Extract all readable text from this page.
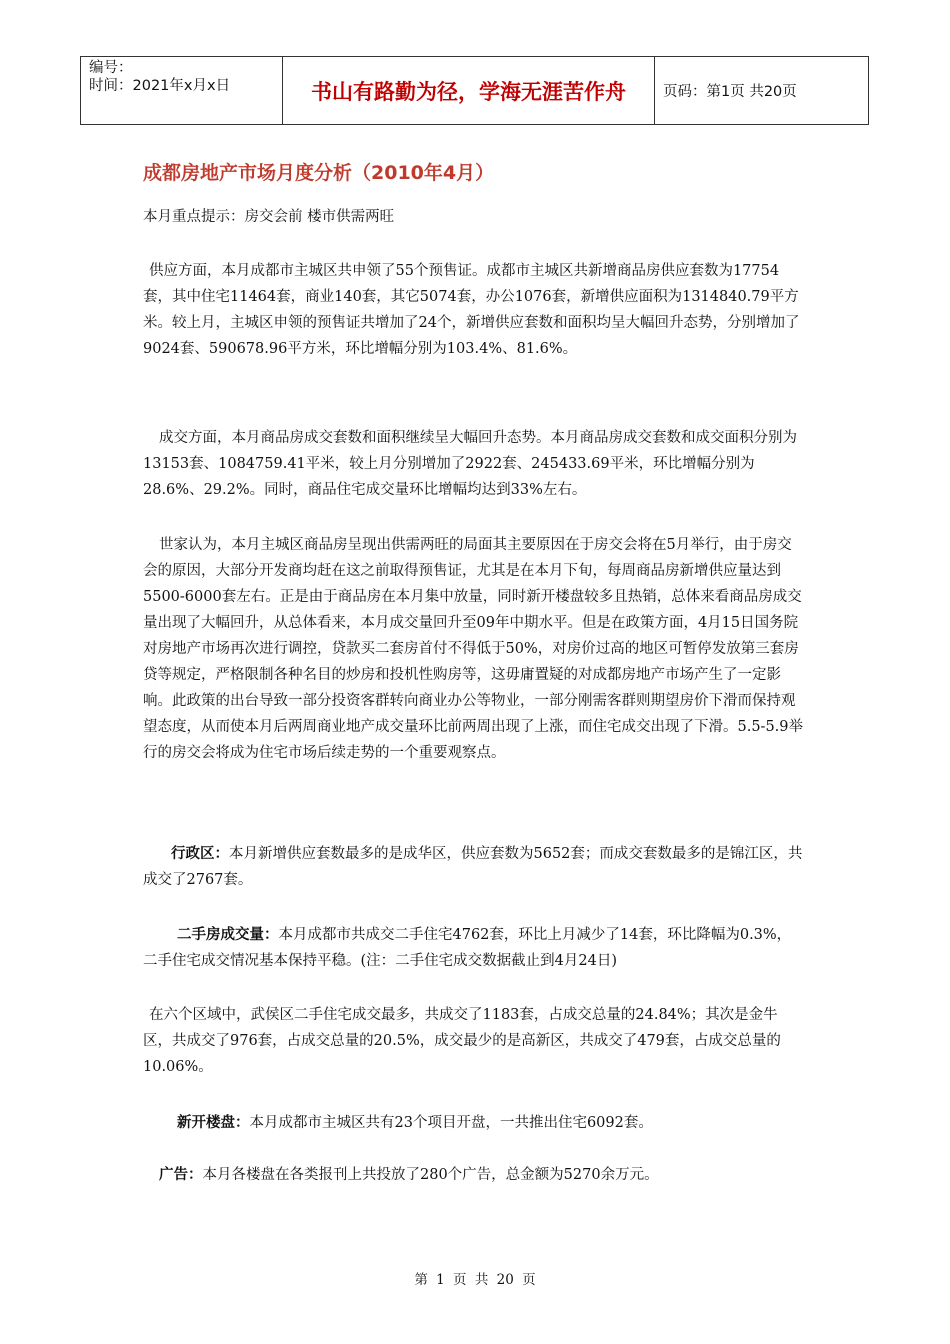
编号：
时间：2021年x月x日	书山有路勤为径，学海无涯苦作舟	页码：第1页 共20页
成都房地产市场月度分析（2010年4月）
本月重点提示：房交会前 楼市供需两旺
供应方面，本月成都市主城区共申领了55个预售证。成都市主城区共新增商品房供应套数为17754套，其中住宅11464套，商业140套，其它5074套，办公1076套，新增供应面积为1314840.79平方米。较上月，主城区申领的预售证共增加了24个，新增供应套数和面积均呈大幅回升态势，分别增加了9024套、590678.96平方米，环比增幅分别为103.4%、81.6%。
成交方面，本月商品房成交套数和面积继续呈大幅回升态势。本月商品房成交套数和成交面积分别为13153套、1084759.41平米，较上月分别增加了2922套、245433.69平米，环比增幅分别为28.6%、29.2%。同时，商品住宅成交量环比增幅均达到33%左右。
世家认为，本月主城区商品房呈现出供需两旺的局面其主要原因在于房交会将在5月举行，由于房交会的原因，大部分开发商均赶在这之前取得预售证，尤其是在本月下旬，每周商品房新增供应量达到5500-6000套左右。正是由于商品房在本月集中放量，同时新开楼盘较多且热销，总体来看商品房成交量出现了大幅回升，从总体看来，本月成交量回升至09年中期水平。但是在政策方面，4月15日国务院对房地产市场再次进行调控，贷款买二套房首付不得低于50%，对房价过高的地区可暂停发放第三套房贷等规定，严格限制各种名目的炒房和投机性购房等，这毋庸置疑的对成都房地产市场产生了一定影响。此政策的出台导致一部分投资客群转向商业办公等物业，一部分刚需客群则期望房价下滑而保持观望态度，从而使本月后两周商业地产成交量环比前两周出现了上涨，而住宅成交出现了下滑。5.5-5.9举行的房交会将成为住宅市场后续走势的一个重要观察点。
行政区：本月新增供应套数最多的是成华区，供应套数为5652套；而成交套数最多的是锦江区，共成交了2767套。
二手房成交量：本月成都市共成交二手住宅4762套，环比上月减少了14套，环比降幅为0.3%，二手住宅成交情况基本保持平稳。(注：二手住宅成交数据截止到4月24日)
在六个区域中，武侯区二手住宅成交最多，共成交了1183套，占成交总量的24.84%；其次是金牛区，共成交了976套，占成交总量的20.5%，成交最少的是高新区，共成交了479套，占成交总量的10.06%。
新开楼盘：本月成都市主城区共有23个项目开盘，一共推出住宅6092套。
广告：本月各楼盘在各类报刊上共投放了280个广告，总金额为5270余万元。
第 1 页 共 20 页
